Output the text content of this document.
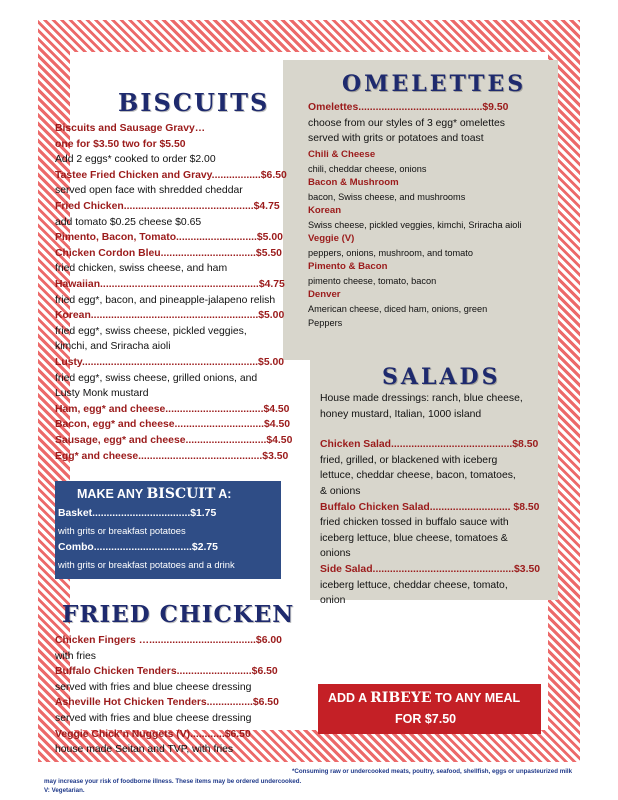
BISCUITS
Biscuits and Sausage Gravy…
one for $3.50 two for $5.50
Add 2 eggs* cooked to order $2.00
Tastee Fried Chicken and Gravy.................$6.50
served open face with shredded cheddar
Fried Chicken.............................................$4.75
add tomato $0.25 cheese $0.65
Pimento, Bacon, Tomato............................$5.00
Chicken Cordon Bleu.................................$5.50
fried chicken, swiss cheese, and ham
Hawaiian.......................................................$4.75
fried egg*, bacon, and pineapple-jalapeno relish
Korean..........................................................$5.00
fried egg*, swiss cheese, pickled veggies,
kimchi, and Sriracha aioli
Lusty.............................................................$5.00
fried egg*, swiss cheese, grilled onions, and
Lusty Monk mustard
Ham, egg* and cheese..................................$4.50
Bacon, egg* and cheese...............................$4.50
Sausage, egg* and cheese............................$4.50
Egg* and cheese...........................................$3.50
MAKE ANY BISCUIT A:
Basket..................................$1.75
with grits or breakfast potatoes
Combo..................................$2.75
with grits or breakfast potatoes and a drink
FRIED CHICKEN
Chicken Fingers ….....................................$6.00
with fries
Buffalo Chicken Tenders..........................$6.50
served with fries and blue cheese dressing
Asheville Hot Chicken Tenders................$6.50
served with fries and blue cheese dressing
Veggie Chick’n Nuggets (V)............$6.50
house made Seitan and TVP, with fries
OMELETTES
Omelettes...........................................$9.50
choose from our styles of 3 egg* omelettes
served with grits or potatoes and toast
Chili & Cheese
chili, cheddar cheese, onions
Bacon & Mushroom
bacon, Swiss cheese, and mushrooms
Korean
Swiss cheese, pickled veggies, kimchi, Sriracha aioli
Veggie (V)
peppers, onions, mushroom, and tomato
Pimento & Bacon
pimento cheese, tomato, bacon
Denver
American cheese, diced ham, onions, green
Peppers
SALADS
House made dressings: ranch, blue cheese,
honey mustard, Italian, 1000 island
Chicken Salad..........................................$8.50
fried, grilled, or blackened with iceberg
lettuce, cheddar cheese, bacon, tomatoes,
& onions
Buffalo Chicken Salad............................ $8.50
fried chicken tossed in buffalo sauce with
iceberg lettuce, blue cheese, tomatoes &
onions
Side Salad.................................................$3.50
iceberg lettuce, cheddar cheese, tomato,
onion
ADD A RIBEYE TO ANY MEAL
FOR $7.50
*Consuming raw or undercooked meats, poultry, seafood, shellfish, eggs or unpasteurized milk
may increase your risk of foodborne illness. These items may be ordered undercooked.
V: Vegetarian.
